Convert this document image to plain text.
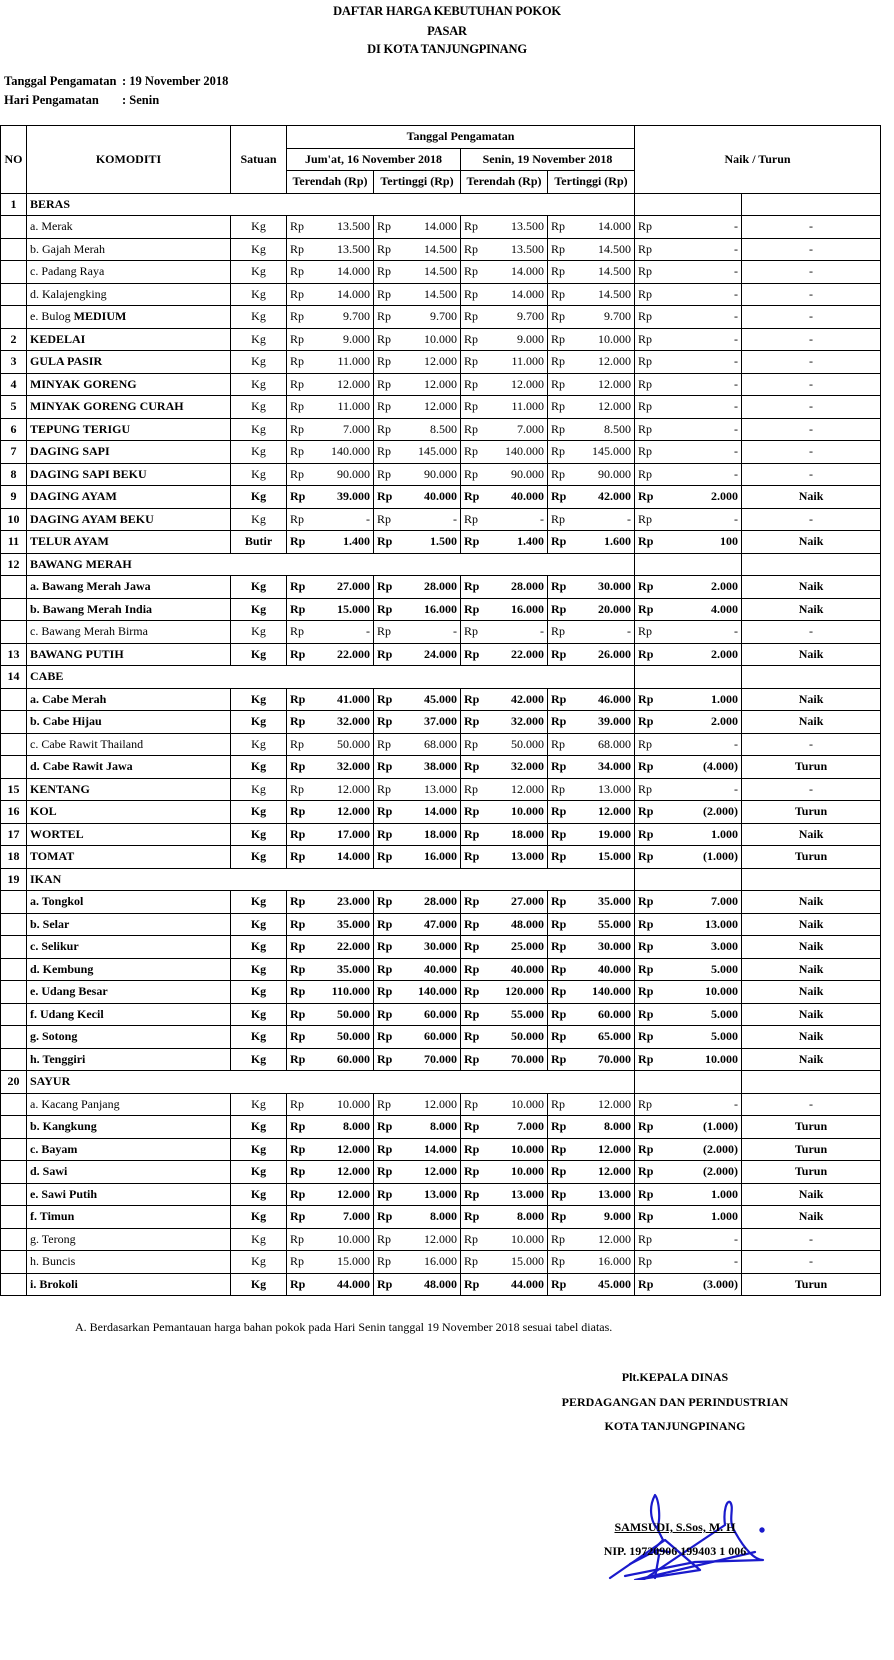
DAFTAR HARGA KEBUTUHAN POKOK
PASAR
DI KOTA TANJUNGPINANG
Tanggal Pengamatan : 19 November 2018
Hari Pengamatan : Senin
NO	KOMODITI	Satuan	Tanggal Pengamatan				Naik / Turun	
			Jum'at, 16 November 2018		Senin, 19 November 2018			
			Terendah (Rp)	Tertinggi (Rp)	Terendah (Rp)	Tertinggi (Rp)		
1	BERAS							
	a. Merak	Kg	Rp 13.500	Rp 14.000	Rp 13.500	Rp 14.000	Rp -	-
	b. Gajah Merah	Kg	Rp 13.500	Rp 14.500	Rp 13.500	Rp 14.500	Rp -	-
	c. Padang Raya	Kg	Rp 14.000	Rp 14.500	Rp 14.000	Rp 14.500	Rp -	-
	d. Kalajengking	Kg	Rp 14.000	Rp 14.500	Rp 14.000	Rp 14.500	Rp -	-
	e. Bulog MEDIUM	Kg	Rp 9.700	Rp 9.700	Rp 9.700	Rp 9.700	Rp -	-
2	KEDELAI	Kg	Rp 9.000	Rp 10.000	Rp 9.000	Rp 10.000	Rp -	-
3	GULA PASIR	Kg	Rp 11.000	Rp 12.000	Rp 11.000	Rp 12.000	Rp -	-
4	MINYAK GORENG	Kg	Rp 12.000	Rp 12.000	Rp 12.000	Rp 12.000	Rp -	-
5	MINYAK GORENG CURAH	Kg	Rp 11.000	Rp 12.000	Rp 11.000	Rp 12.000	Rp -	-
6	TEPUNG TERIGU	Kg	Rp 7.000	Rp 8.500	Rp 7.000	Rp 8.500	Rp -	-
7	DAGING SAPI	Kg	Rp 140.000	Rp 145.000	Rp 140.000	Rp 145.000	Rp -	-
8	DAGING SAPI BEKU	Kg	Rp 90.000	Rp 90.000	Rp 90.000	Rp 90.000	Rp -	-
9	DAGING AYAM	Kg	Rp 39.000	Rp 40.000	Rp 40.000	Rp 42.000	Rp 2.000	Naik
10	DAGING AYAM BEKU	Kg	Rp -	Rp -	Rp -	Rp -	Rp -	-
11	TELUR AYAM	Butir	Rp 1.400	Rp 1.500	Rp 1.400	Rp 1.600	Rp 100	Naik
12	BAWANG MERAH							
	a. Bawang Merah Jawa	Kg	Rp 27.000	Rp 28.000	Rp 28.000	Rp 30.000	Rp 2.000	Naik
	b. Bawang Merah India	Kg	Rp 15.000	Rp 16.000	Rp 16.000	Rp 20.000	Rp 4.000	Naik
	c. Bawang Merah Birma	Kg	Rp -	Rp -	Rp -	Rp -	Rp -	-
13	BAWANG PUTIH	Kg	Rp 22.000	Rp 24.000	Rp 22.000	Rp 26.000	Rp 2.000	Naik
14	CABE							
	a. Cabe Merah	Kg	Rp 41.000	Rp 45.000	Rp 42.000	Rp 46.000	Rp 1.000	Naik
	b. Cabe Hijau	Kg	Rp 32.000	Rp 37.000	Rp 32.000	Rp 39.000	Rp 2.000	Naik
	c. Cabe Rawit Thailand	Kg	Rp 50.000	Rp 68.000	Rp 50.000	Rp 68.000	Rp -	-
	d. Cabe Rawit Jawa	Kg	Rp 32.000	Rp 38.000	Rp 32.000	Rp 34.000	Rp (4.000)	Turun
15	KENTANG	Kg	Rp 12.000	Rp 13.000	Rp 12.000	Rp 13.000	Rp -	-
16	KOL	Kg	Rp 12.000	Rp 14.000	Rp 10.000	Rp 12.000	Rp (2.000)	Turun
17	WORTEL	Kg	Rp 17.000	Rp 18.000	Rp 18.000	Rp 19.000	Rp 1.000	Naik
18	TOMAT	Kg	Rp 14.000	Rp 16.000	Rp 13.000	Rp 15.000	Rp (1.000)	Turun
19	IKAN							
	a. Tongkol	Kg	Rp 23.000	Rp 28.000	Rp 27.000	Rp 35.000	Rp 7.000	Naik
	b. Selar	Kg	Rp 35.000	Rp 47.000	Rp 48.000	Rp 55.000	Rp 13.000	Naik
	c. Selikur	Kg	Rp 22.000	Rp 30.000	Rp 25.000	Rp 30.000	Rp 3.000	Naik
	d. Kembung	Kg	Rp 35.000	Rp 40.000	Rp 40.000	Rp 40.000	Rp 5.000	Naik
	e. Udang Besar	Kg	Rp 110.000	Rp 140.000	Rp 120.000	Rp 140.000	Rp 10.000	Naik
	f. Udang Kecil	Kg	Rp 50.000	Rp 60.000	Rp 55.000	Rp 60.000	Rp 5.000	Naik
	g. Sotong	Kg	Rp 50.000	Rp 60.000	Rp 50.000	Rp 65.000	Rp 5.000	Naik
	h. Tenggiri	Kg	Rp 60.000	Rp 70.000	Rp 70.000	Rp 70.000	Rp 10.000	Naik
20	SAYUR							
	a. Kacang Panjang	Kg	Rp 10.000	Rp 12.000	Rp 10.000	Rp 12.000	Rp -	-
	b. Kangkung	Kg	Rp 8.000	Rp 8.000	Rp 7.000	Rp 8.000	Rp (1.000)	Turun
	c. Bayam	Kg	Rp 12.000	Rp 14.000	Rp 10.000	Rp 12.000	Rp (2.000)	Turun
	d. Sawi	Kg	Rp 12.000	Rp 12.000	Rp 10.000	Rp 12.000	Rp (2.000)	Turun
	e. Sawi Putih	Kg	Rp 12.000	Rp 13.000	Rp 13.000	Rp 13.000	Rp 1.000	Naik
	f. Timun	Kg	Rp 7.000	Rp 8.000	Rp 8.000	Rp 9.000	Rp 1.000	Naik
	g. Terong	Kg	Rp 10.000	Rp 12.000	Rp 10.000	Rp 12.000	Rp -	-
	h. Buncis	Kg	Rp 15.000	Rp 16.000	Rp 15.000	Rp 16.000	Rp -	-
	i. Brokoli	Kg	Rp 44.000	Rp 48.000	Rp 44.000	Rp 45.000	Rp (3.000)	Turun
A. Berdasarkan Pemantauan harga bahan pokok pada Hari Senin tanggal 19 November 2018 sesuai tabel diatas.
Plt.KEPALA DINAS
PERDAGANGAN DAN PERINDUSTRIAN
KOTA TANJUNGPINANG
SAMSUDI, S.Sos, M. H
NIP. 19720906 199403 1 006
